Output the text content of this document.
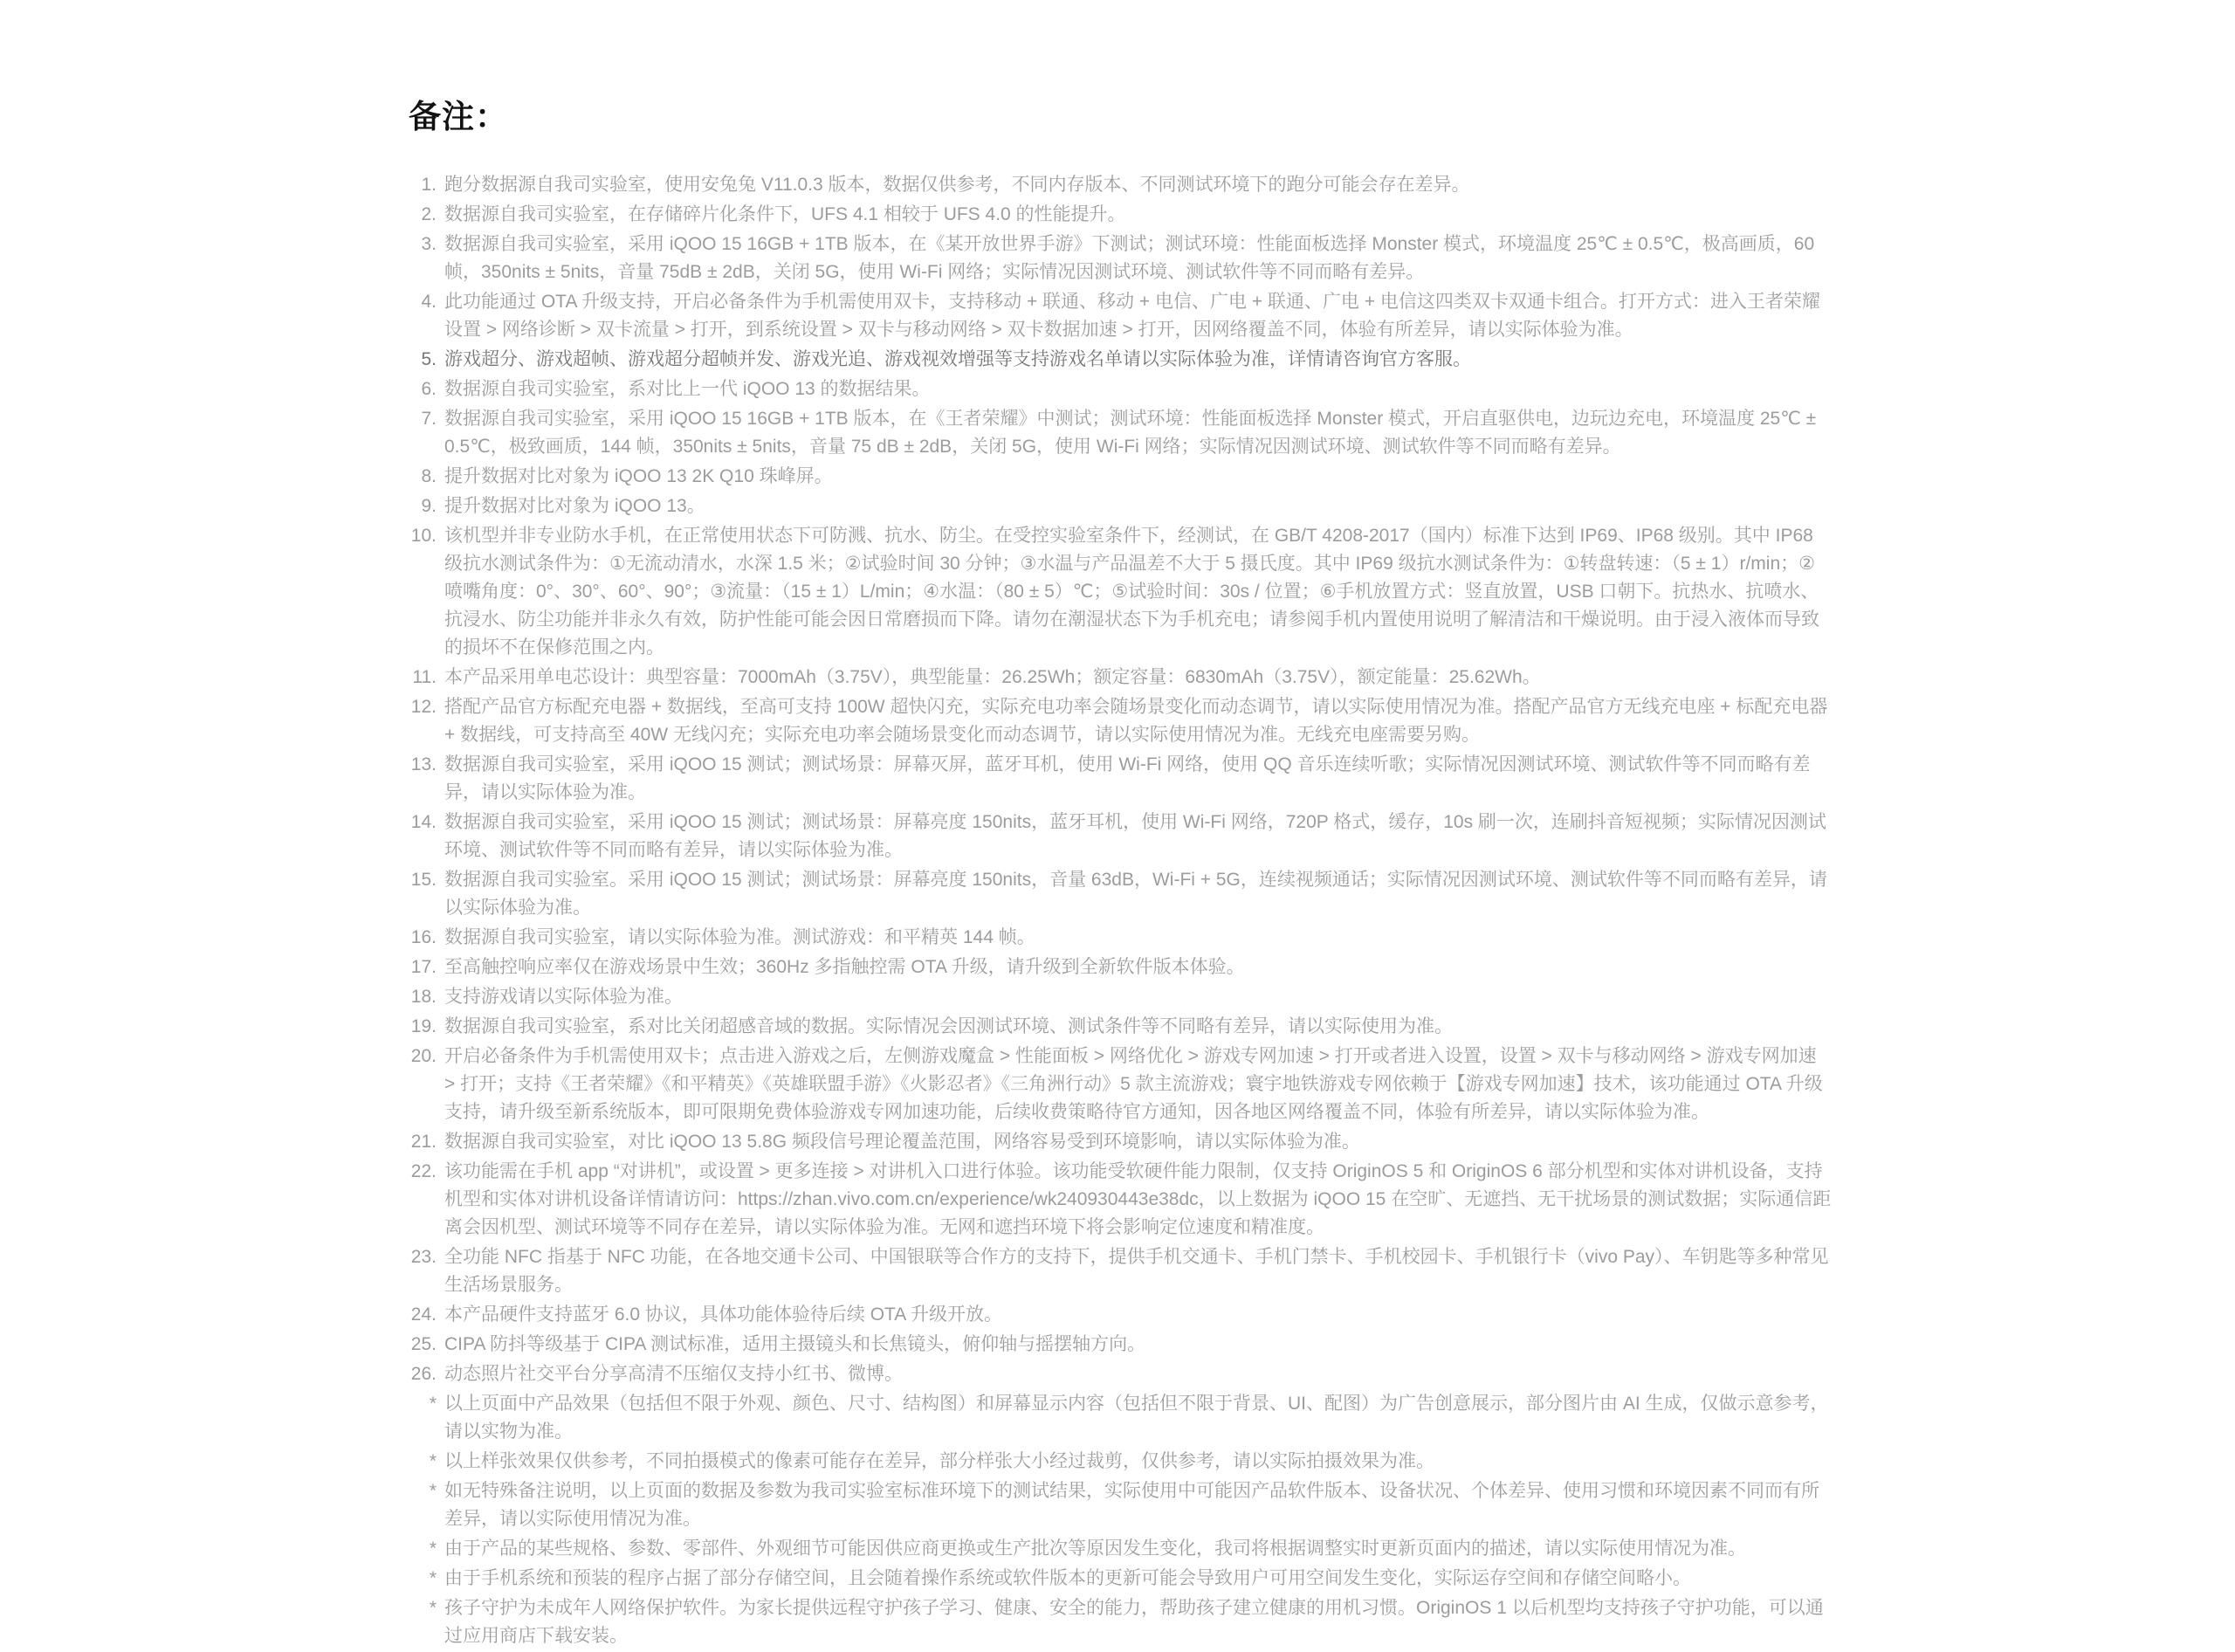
备注：
1. 跑分数据源自我司实验室，使用安兔兔 V11.0.3 版本，数据仅供参考，不同内存版本、不同测试环境下的跑分可能会存在差异。
2. 数据源自我司实验室，在存储碎片化条件下，UFS 4.1 相较于 UFS 4.0 的性能提升。
3. 数据源自我司实验室，采用 iQOO 15 16GB + 1TB 版本，在《某开放世界手游》下测试；测试环境：性能面板选择 Monster 模式，环境温度 25℃ ± 0.5℃，极高画质，60 帧，350nits ± 5nits，音量 75dB ± 2dB，关闭 5G，使用 Wi-Fi 网络；实际情况因测试环境、测试软件等不同而略有差异。
4. 此功能通过 OTA 升级支持，开启必备条件为手机需使用双卡，支持移动 + 联通、移动 + 电信、广电 + 联通、广电 + 电信这四类双卡双通卡组合。打开方式：进入王者荣耀设置 > 网络诊断 > 双卡流量 > 打开，到系统设置 > 双卡与移动网络 > 双卡数据加速 > 打开，因网络覆盖不同，体验有所差异，请以实际体验为准。
5. 游戏超分、游戏超帧、游戏超分超帧并发、游戏光追、游戏视效增强等支持游戏名单请以实际体验为准，详情请咨询官方客服。
6. 数据源自我司实验室，系对比上一代 iQOO 13 的数据结果。
7. 数据源自我司实验室，采用 iQOO 15 16GB + 1TB 版本，在《王者荣耀》中测试；测试环境：性能面板选择 Monster 模式，开启直驱供电，边玩边充电，环境温度 25℃ ± 0.5℃，极致画质，144 帧，350nits ± 5nits，音量 75 dB ± 2dB，关闭 5G，使用 Wi-Fi 网络；实际情况因测试环境、测试软件等不同而略有差异。
8. 提升数据对比对象为 iQOO 13 2K Q10 珠峰屏。
9. 提升数据对比对象为 iQOO 13。
10. 该机型并非专业防水手机，在正常使用状态下可防溅、抗水、防尘。在受控实验室条件下，经测试，在 GB/T 4208-2017（国内）标准下达到 IP69、IP68 级别。其中 IP68 级抗水测试条件为：①无流动清水，水深 1.5 米；②试验时间 30 分钟；③水温与产品温差不大于 5 摄氏度。其中 IP69 级抗水测试条件为：①转盘转速：（5 ± 1）r/min；②喷嘴角度：0°、30°、60°、90°；③流量：（15 ± 1）L/min；④水温：（80 ± 5）℃；⑤试验时间：30s / 位置；⑥手机放置方式：竖直放置，USB 口朝下。抗热水、抗喷水、抗浸水、防尘功能并非永久有效，防护性能可能会因日常磨损而下降。请勿在潮湿状态下为手机充电；请参阅手机内置使用说明了解清洁和干燥说明。由于浸入液体而导致的损坏不在保修范围之内。
11. 本产品采用单电芯设计：典型容量：7000mAh（3.75V），典型能量：26.25Wh；额定容量：6830mAh（3.75V），额定能量：25.62Wh。
12. 搭配产品官方标配充电器 + 数据线，至高可支持 100W 超快闪充，实际充电功率会随场景变化而动态调节，请以实际使用情况为准。搭配产品官方无线充电座 + 标配充电器 + 数据线，可支持高至 40W 无线闪充；实际充电功率会随场景变化而动态调节，请以实际使用情况为准。无线充电座需要另购。
13. 数据源自我司实验室，采用 iQOO 15 测试；测试场景：屏幕灭屏，蓝牙耳机，使用 Wi-Fi 网络，使用 QQ 音乐连续听歌；实际情况因测试环境、测试软件等不同而略有差异，请以实际体验为准。
14. 数据源自我司实验室，采用 iQOO 15 测试；测试场景：屏幕亮度 150nits，蓝牙耳机，使用 Wi-Fi 网络，720P 格式，缓存，10s 刷一次，连刷抖音短视频；实际情况因测试环境、测试软件等不同而略有差异，请以实际体验为准。
15. 数据源自我司实验室。采用 iQOO 15 测试；测试场景：屏幕亮度 150nits，音量 63dB，Wi-Fi + 5G，连续视频通话；实际情况因测试环境、测试软件等不同而略有差异，请以实际体验为准。
16. 数据源自我司实验室，请以实际体验为准。测试游戏：和平精英 144 帧。
17. 至高触控响应率仅在游戏场景中生效；360Hz 多指触控需 OTA 升级，请升级到全新软件版本体验。
18. 支持游戏请以实际体验为准。
19. 数据源自我司实验室，系对比关闭超感音域的数据。实际情况会因测试环境、测试条件等不同略有差异，请以实际使用为准。
20. 开启必备条件为手机需使用双卡；点击进入游戏之后，左侧游戏魔盒 > 性能面板 > 网络优化 > 游戏专网加速 > 打开或者进入设置，设置 > 双卡与移动网络 > 游戏专网加速 > 打开；支持《王者荣耀》《和平精英》《英雄联盟手游》《火影忍者》《三角洲行动》5 款主流游戏；寰宇地铁游戏专网依赖于【游戏专网加速】技术，该功能通过 OTA 升级支持，请升级至新系统版本，即可限期免费体验游戏专网加速功能，后续收费策略待官方通知，因各地区网络覆盖不同，体验有所差异，请以实际体验为准。
21. 数据源自我司实验室，对比 iQOO 13 5.8G 频段信号理论覆盖范围，网络容易受到环境影响，请以实际体验为准。
22. 该功能需在手机 app “对讲机”，或设置 > 更多连接 > 对讲机入口进行体验。该功能受软硬件能力限制，仅支持 OriginOS 5 和 OriginOS 6 部分机型和实体对讲机设备，支持机型和实体对讲机设备详情请访问：https://zhan.vivo.com.cn/experience/wk240930443e38dc，以上数据为 iQOO 15 在空旷、无遮挡、无干扰场景的测试数据；实际通信距离会因机型、测试环境等不同存在差异，请以实际体验为准。无网和遮挡环境下将会影响定位速度和精准度。
23. 全功能 NFC 指基于 NFC 功能，在各地交通卡公司、中国银联等合作方的支持下，提供手机交通卡、手机门禁卡、手机校园卡、手机银行卡（vivo Pay）、车钥匙等多种常见生活场景服务。
24. 本产品硬件支持蓝牙 6.0 协议，具体功能体验待后续 OTA 升级开放。
25. CIPA 防抖等级基于 CIPA 测试标准，适用主摄镜头和长焦镜头，俯仰轴与摇摆轴方向。
26. 动态照片社交平台分享高清不压缩仅支持小红书、微博。
* 以上页面中产品效果（包括但不限于外观、颜色、尺寸、结构图）和屏幕显示内容（包括但不限于背景、UI、配图）为广告创意展示，部分图片由 AI 生成，仅做示意参考，请以实物为准。
* 以上样张效果仅供参考，不同拍摄模式的像素可能存在差异，部分样张大小经过裁剪，仅供参考，请以实际拍摄效果为准。
* 如无特殊备注说明，以上页面的数据及参数为我司实验室标准环境下的测试结果，实际使用中可能因产品软件版本、设备状况、个体差异、使用习惯和环境因素不同而有所差异，请以实际使用情况为准。
* 由于产品的某些规格、参数、零部件、外观细节可能因供应商更换或生产批次等原因发生变化，我司将根据调整实时更新页面内的描述，请以实际使用情况为准。
* 由于手机系统和预装的程序占据了部分存储空间，且会随着操作系统或软件版本的更新可能会导致用户可用空间发生变化，实际运存空间和存储空间略小。
* 孩子守护为未成年人网络保护软件。为家长提供远程守护孩子学习、健康、安全的能力，帮助孩子建立健康的用机习惯。OriginOS 1 以后机型均支持孩子守护功能，可以通过应用商店下载安装。
